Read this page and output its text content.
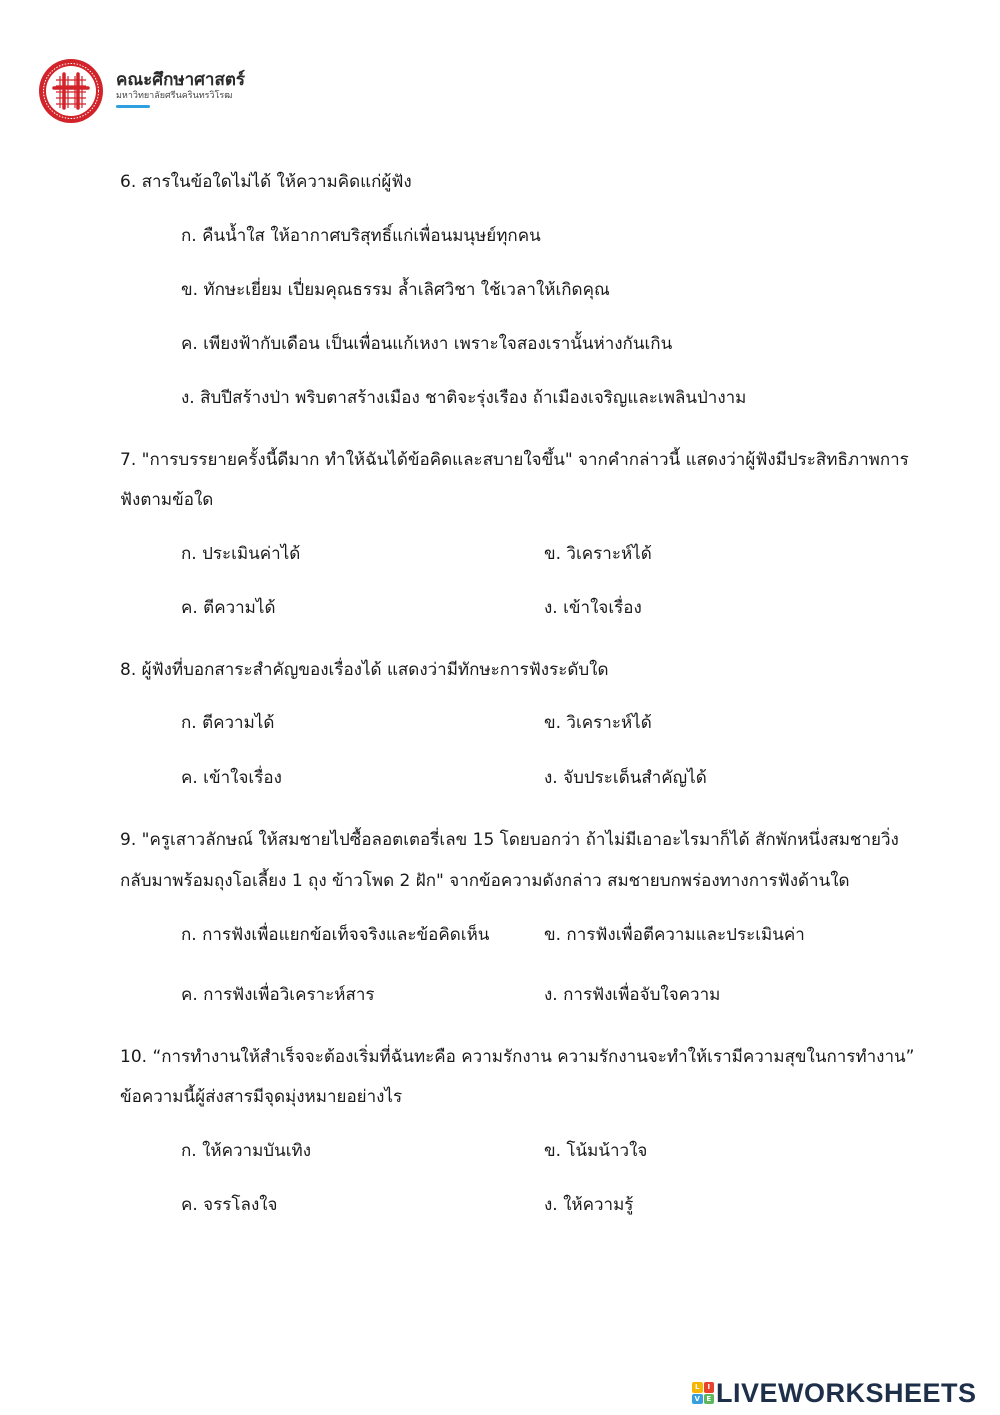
คณะศึกษาศาสตร์
มหาวิทยาลัยศรีนครินทรวิโรฒ
6. สารในข้อใดไม่ได้ ให้ความคิดแก่ผู้ฟัง
ก. คืนน้ำใส ให้อากาศบริสุทธิ์แก่เพื่อนมนุษย์ทุกคน
ข. ทักษะเยี่ยม เปี่ยมคุณธรรม ล้ำเลิศวิชา ใช้เวลาให้เกิดคุณ
ค. เพียงฟ้ากับเดือน เป็นเพื่อนแก้เหงา เพราะใจสองเรานั้นห่างกันเกิน
ง. สิบปีสร้างป่า พริบตาสร้างเมือง ชาติจะรุ่งเรือง ถ้าเมืองเจริญและเพลินป่างาม
7. "การบรรยายครั้งนี้ดีมาก ทำให้ฉันได้ข้อคิดและสบายใจขึ้น" จากคำกล่าวนี้ แสดงว่าผู้ฟังมีประสิทธิภาพการ
ฟังตามข้อใด
ก. ประเมินค่าได้	ข. วิเคราะห์ได้
ค. ตีความได้	ง. เข้าใจเรื่อง
8. ผู้ฟังที่บอกสาระสำคัญของเรื่องได้ แสดงว่ามีทักษะการฟังระดับใด
ก. ตีความได้	ข. วิเคราะห์ได้
ค. เข้าใจเรื่อง	ง. จับประเด็นสำคัญได้
9. "ครูเสาวลักษณ์ ให้สมชายไปซื้อลอตเตอรี่เลข 15 โดยบอกว่า ถ้าไม่มีเอาอะไรมาก็ได้ สักพักหนึ่งสมชายวิ่ง
กลับมาพร้อมถุงโอเลี้ยง 1 ถุง ข้าวโพด 2 ฝัก" จากข้อความดังกล่าว สมชายบกพร่องทางการฟังด้านใด
ก. การฟังเพื่อแยกข้อเท็จจริงและข้อคิดเห็น	ข. การฟังเพื่อตีความและประเมินค่า
ค. การฟังเพื่อวิเคราะห์สาร	ง. การฟังเพื่อจับใจความ
10. “การทำงานให้สำเร็จจะต้องเริ่มที่ฉันทะคือ ความรักงาน ความรักงานจะทำให้เรามีความสุขในการทำงาน”
ข้อความนี้ผู้ส่งสารมีจุดมุ่งหมายอย่างไร
ก. ให้ความบันเทิง	ข. โน้มน้าวใจ
ค. จรรโลงใจ	ง. ให้ความรู้
L	I
V E LIVEWORKSHEETS
